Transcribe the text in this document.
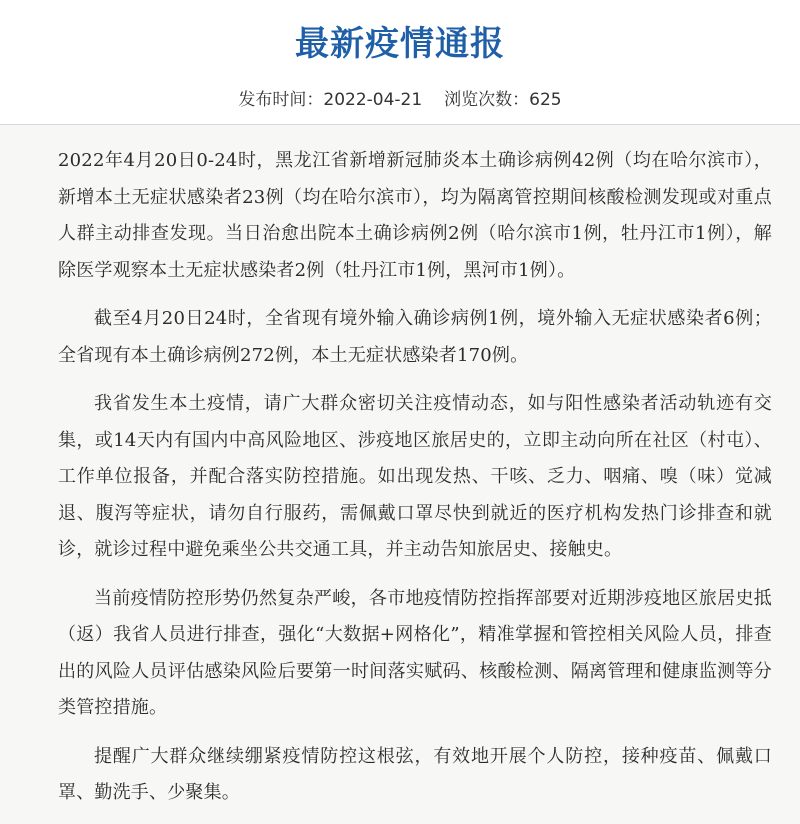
最新疫情通报
发布时间：2022-04-21 浏览次数：625

2022年4月20日0-24时，黑龙江省新增新冠肺炎本土确诊病例42例（均在哈尔滨市），新增本土无症状感染者23例（均在哈尔滨市），均为隔离管控期间核酸检测发现或对重点人群主动排查发现。当日治愈出院本土确诊病例2例（哈尔滨市1例，牡丹江市1例），解除医学观察本土无症状感染者2例（牡丹江市1例，黑河市1例）。

截至4月20日24时，全省现有境外输入确诊病例1例，境外输入无症状感染者6例；全省现有本土确诊病例272例，本土无症状感染者170例。

我省发生本土疫情，请广大群众密切关注疫情动态，如与阳性感染者活动轨迹有交集，或14天内有国内中高风险地区、涉疫地区旅居史的，立即主动向所在社区（村屯）、工作单位报备，并配合落实防控措施。如出现发热、干咳、乏力、咽痛、嗅（味）觉减退、腹泻等症状，请勿自行服药，需佩戴口罩尽快到就近的医疗机构发热门诊排查和就诊，就诊过程中避免乘坐公共交通工具，并主动告知旅居史、接触史。

当前疫情防控形势仍然复杂严峻，各市地疫情防控指挥部要对近期涉疫地区旅居史抵（返）我省人员进行排查，强化“大数据+网格化”，精准掌握和管控相关风险人员，排查出的风险人员评估感染风险后要第一时间落实赋码、核酸检测、隔离管理和健康监测等分类管控措施。

提醒广大群众继续绷紧疫情防控这根弦，有效地开展个人防控，接种疫苗、佩戴口罩、勤洗手、少聚集。
